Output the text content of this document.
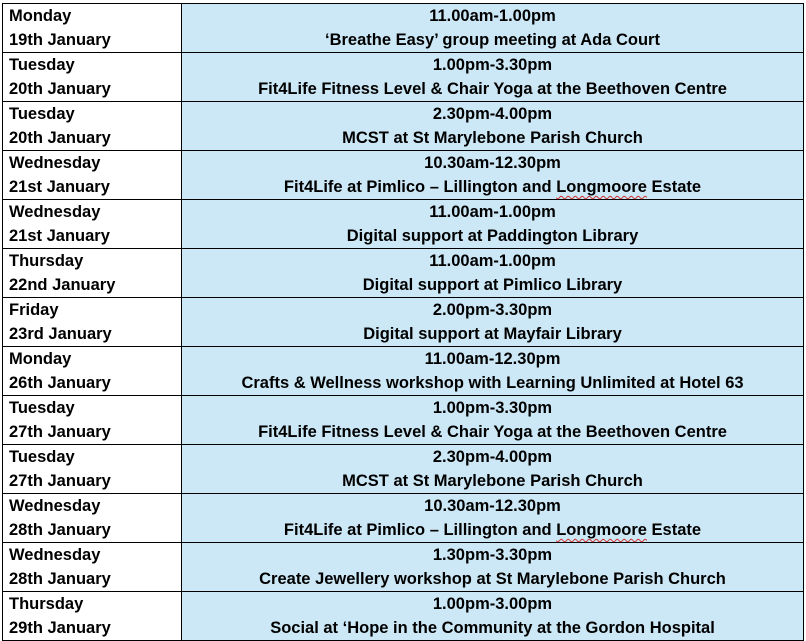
Monday
19th January	11.00am-1.00pm
‘Breathe Easy’ group meeting at Ada Court

Tuesday
20th January	1.00pm-3.30pm
Fit4Life Fitness Level & Chair Yoga at the Beethoven Centre

Tuesday
20th January	2.30pm-4.00pm
MCST at St Marylebone Parish Church

Wednesday
21st January	10.30am-12.30pm
Fit4Life at Pimlico – Lillington and Longmoore Estate

Wednesday
21st January	11.00am-1.00pm
Digital support at Paddington Library

Thursday
22nd January	11.00am-1.00pm
Digital support at Pimlico Library

Friday
23rd January	2.00pm-3.30pm
Digital support at Mayfair Library

Monday
26th January	11.00am-12.30pm
Crafts & Wellness workshop with Learning Unlimited at Hotel 63

Tuesday
27th January	1.00pm-3.30pm
Fit4Life Fitness Level & Chair Yoga at the Beethoven Centre

Tuesday
27th January	2.30pm-4.00pm
MCST at St Marylebone Parish Church

Wednesday
28th January	10.30am-12.30pm
Fit4Life at Pimlico – Lillington and Longmoore Estate

Wednesday
28th January	1.30pm-3.30pm
Create Jewellery workshop at St Marylebone Parish Church

Thursday
29th January	1.00pm-3.00pm
Social at ‘Hope in the Community at the Gordon Hospital
